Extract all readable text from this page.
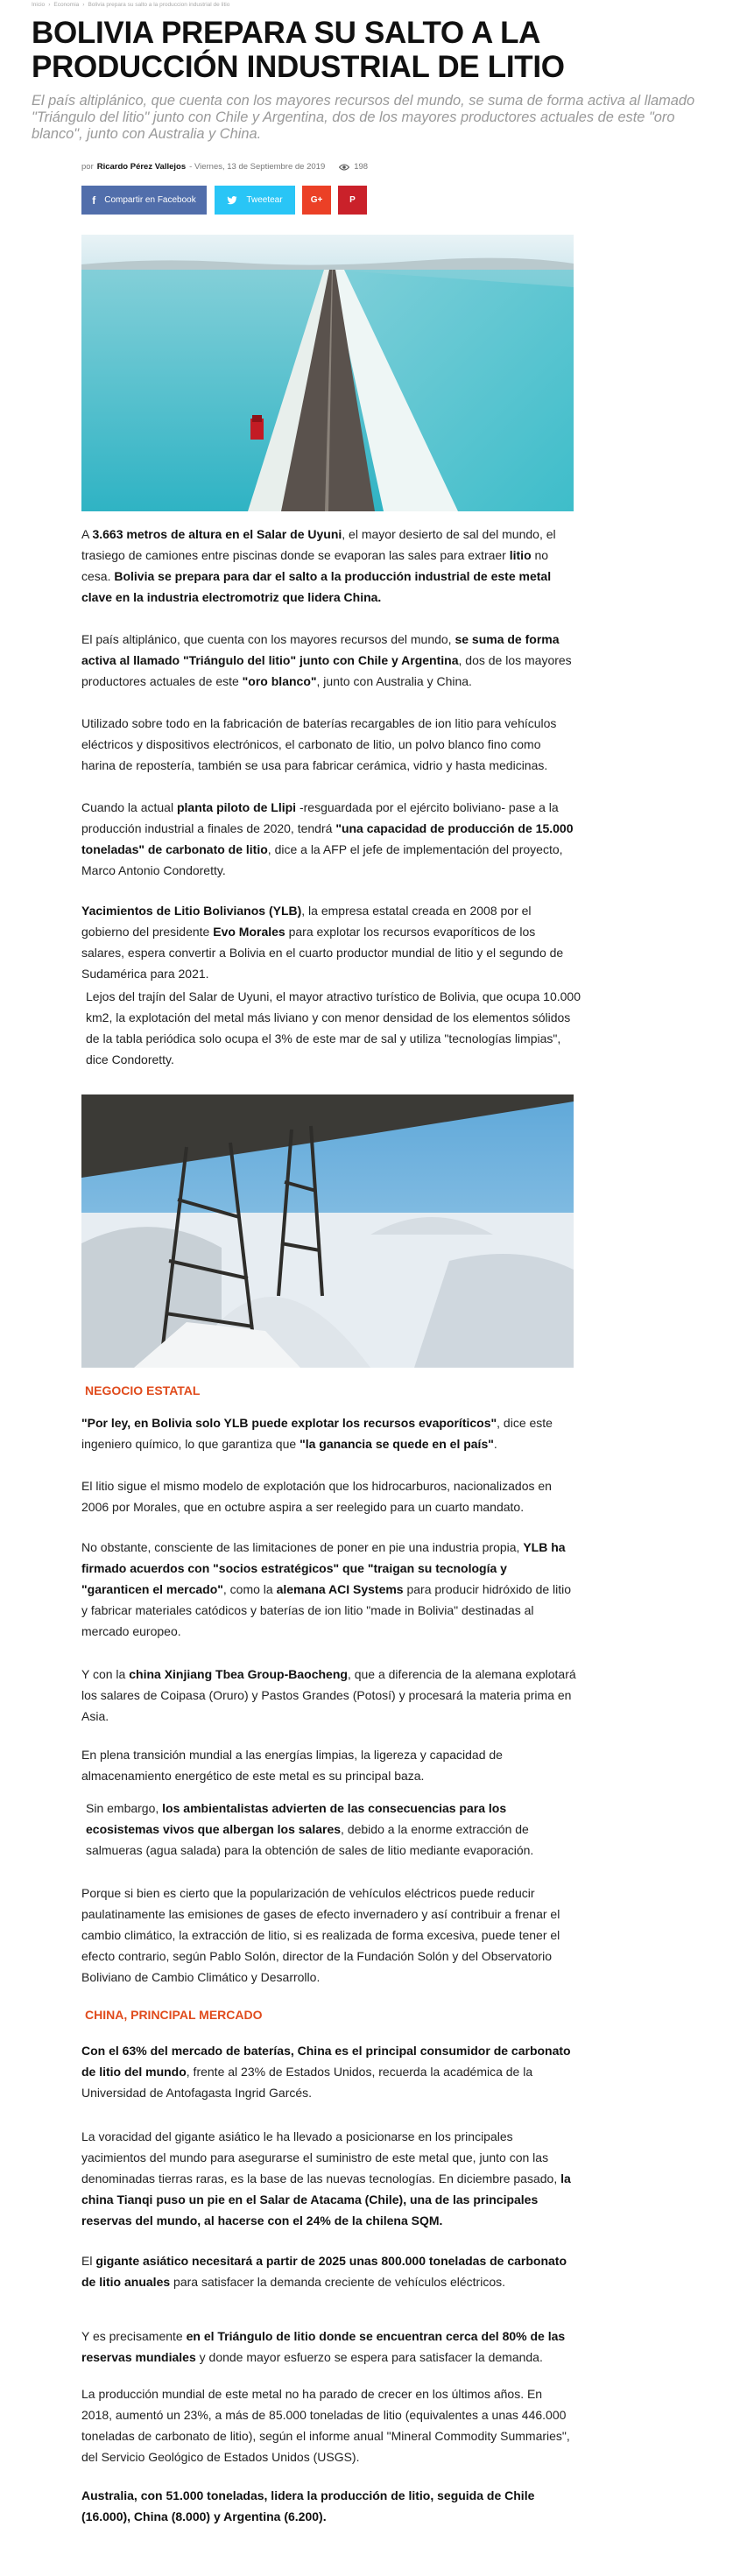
Inicio › Economia › Bolivia prepara su salto a la produccion industrial de litio
BOLIVIA PREPARA SU SALTO A LA PRODUCCIÓN INDUSTRIAL DE LITIO

El país altiplánico, que cuenta con los mayores recursos del mundo, se suma de forma activa al llamado "Triángulo del litio" junto con Chile y Argentina, dos de los mayores productores actuales de este "oro blanco", junto con Australia y China.

por Ricardo Pérez Vallejos -
Viernes, 13 de Septiembre de 2019	198
f Compartir en Facebook	Tweetear	G+	P

A 3.663 metros de altura en el Salar de Uyuni, el mayor desierto de sal del mundo, el trasiego de camiones entre piscinas donde se evaporan las sales para extraer litio no cesa. Bolivia se prepara para dar el salto a la producción industrial de este metal clave en la industria electromotriz que lidera China.

El país altiplánico, que cuenta con los mayores recursos del mundo, se suma de forma activa al llamado "Triángulo del litio" junto con Chile y Argentina, dos de los mayores productores actuales de este "oro blanco", junto con Australia y China.

Utilizado sobre todo en la fabricación de baterías recargables de ion litio para vehículos eléctricos y dispositivos electrónicos, el carbonato de litio, un polvo blanco fino como harina de repostería, también se usa para fabricar cerámica, vidrio y hasta medicinas.

Cuando la actual planta piloto de Llipi -resguardada por el ejército boliviano- pase a la producción industrial a finales de 2020, tendrá "una capacidad de producción de 15.000 toneladas" de carbonato de litio, dice a la AFP el jefe de implementación del proyecto, Marco Antonio Condoretty.

Yacimientos de Litio Bolivianos (YLB), la empresa estatal creada en 2008 por el gobierno del presidente Evo Morales para explotar los recursos evaporíticos de los salares, espera convertir a Bolivia en el cuarto productor mundial de litio y el segundo de Sudamérica para 2021.

Lejos del trajín del Salar de Uyuni, el mayor atractivo turístico de Bolivia, que ocupa 10.000 km2, la explotación del metal más liviano y con menor densidad de los elementos sólidos de la tabla periódica solo ocupa el 3% de este mar de sal y utiliza "tecnologías limpias", dice Condoretty.

NEGOCIO ESTATAL

"Por ley, en Bolivia solo YLB puede explotar los recursos evaporíticos", dice este ingeniero químico, lo que garantiza que "la ganancia se quede en el país".

El litio sigue el mismo modelo de explotación que los hidrocarburos, nacionalizados en 2006 por Morales, que en octubre aspira a ser reelegido para un cuarto mandato.

No obstante, consciente de las limitaciones de poner en pie una industria propia, YLB ha firmado acuerdos con "socios estratégicos" que "traigan su tecnología y "garanticen el mercado", como la alemana ACI Systems para producir hidróxido de litio y fabricar materiales catódicos y baterías de ion litio "made in Bolivia" destinadas al mercado europeo.

Y con la china Xinjiang Tbea Group-Baocheng, que a diferencia de la alemana explotará los salares de Coipasa (Oruro) y Pastos Grandes (Potosí) y procesará la materia prima en Asia.

En plena transición mundial a las energías limpias, la ligereza y capacidad de almacenamiento energético de este metal es su principal baza.

Sin embargo, los ambientalistas advierten de las consecuencias para los ecosistemas vivos que albergan los salares, debido a la enorme extracción de salmueras (agua salada) para la obtención de sales de litio mediante evaporación.

Porque si bien es cierto que la popularización de vehículos eléctricos puede reducir paulatinamente las emisiones de gases de efecto invernadero y así contribuir a frenar el cambio climático, la extracción de litio, si es realizada de forma excesiva, puede tener el efecto contrario, según Pablo Solón, director de la Fundación Solón y del Observatorio Boliviano de Cambio Climático y Desarrollo.

CHINA, PRINCIPAL MERCADO

Con el 63% del mercado de baterías, China es el principal consumidor de carbonato de litio del mundo, frente al 23% de Estados Unidos, recuerda la académica de la Universidad de Antofagasta Ingrid Garcés.

La voracidad del gigante asiático le ha llevado a posicionarse en los principales yacimientos del mundo para asegurarse el suministro de este metal que, junto con las denominadas tierras raras, es la base de las nuevas tecnologías. En diciembre pasado, la china Tianqi puso un pie en el Salar de Atacama (Chile), una de las principales reservas del mundo, al hacerse con el 24% de la chilena SQM.

El gigante asiático necesitará a partir de 2025 unas 800.000 toneladas de carbonato de litio anuales para satisfacer la demanda creciente de vehículos eléctricos.

Y es precisamente en el Triángulo de litio donde se encuentran cerca del 80% de las reservas mundiales y donde mayor esfuerzo se espera para satisfacer la demanda.

La producción mundial de este metal no ha parado de crecer en los últimos años. En 2018, aumentó un 23%, a más de 85.000 toneladas de litio (equivalentes a unas 446.000 toneladas de carbonato de litio), según el informe anual "Mineral Commodity Summaries", del Servicio Geológico de Estados Unidos (USGS).

Australia, con 51.000 toneladas, lidera la producción de litio, seguida de Chile (16.000), China (8.000) y Argentina (6.200).
